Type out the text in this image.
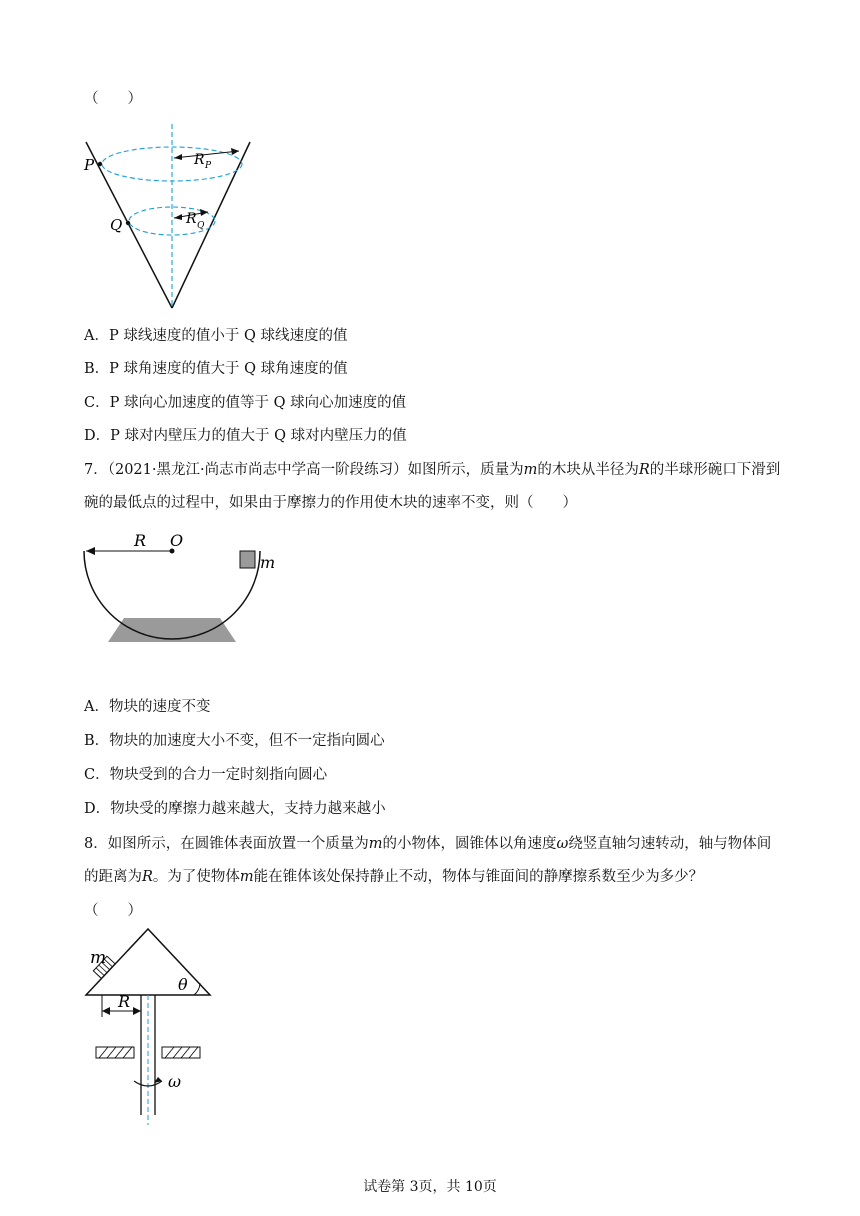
（　　）
P
Q
R P
R Q
A．P 球线速度的值小于 Q 球线速度的值
B．P 球角速度的值大于 Q 球角速度的值
C．P 球向心加速度的值等于 Q 球向心加速度的值
D．P 球对内壁压力的值大于 Q 球对内壁压力的值
7．（2021·黑龙江·尚志市尚志中学高一阶段练习）如图所示，质量为m的木块从半径为R的半球形碗口下滑到碗的最低点的过程中，如果由于摩擦力的作用使木块的速率不变，则（　　）
R O
m
A．物块的速度不变
B．物块的加速度大小不变，但不一定指向圆心
C．物块受到的合力一定时刻指向圆心
D．物块受的摩擦力越来越大，支持力越来越小
8．如图所示，在圆锥体表面放置一个质量为m的小物体，圆锥体以角速度ω绕竖直轴匀速转动，轴与物体间的距离为R。为了使物体m能在锥体该处保持静止不动，物体与锥面间的静摩擦系数至少为多少？
（　　）
m
θ
R
ω
试卷第 3页，共 10页
